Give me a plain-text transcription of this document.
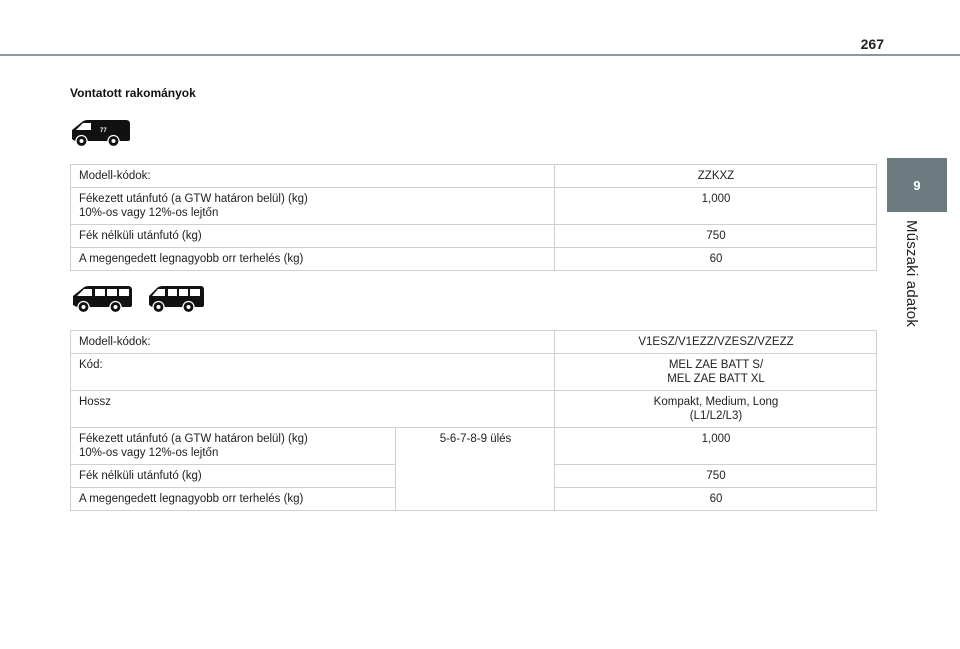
267
9
Műszaki adatok
Vontatott rakományok
77
Modell-kódok:	ZZKXZ

Fékezett utánfutó (a GTW határon belül) (kg)
10%-os vagy 12%-os lejtőn	1,000
Fék nélküli utánfutó (kg)	750
A megengedett legnagyobb orr terhelés (kg)	60
Modell-kódok:		V1ESZ/V1EZZ/VZESZ/VZEZZ
Kód:		MEL ZAE BATT S/
MEL ZAE BATT XL

Hossz		Kompakt, Medium, Long
(L1/L2/L3)

Fékezett utánfutó (a GTW határon belül) (kg)
10%-os vagy 12%-os lejtőn	5-6-7-8-9 ülés	1,000
Fék nélküli utánfutó (kg)		750
A megengedett legnagyobb orr terhelés (kg)		60
